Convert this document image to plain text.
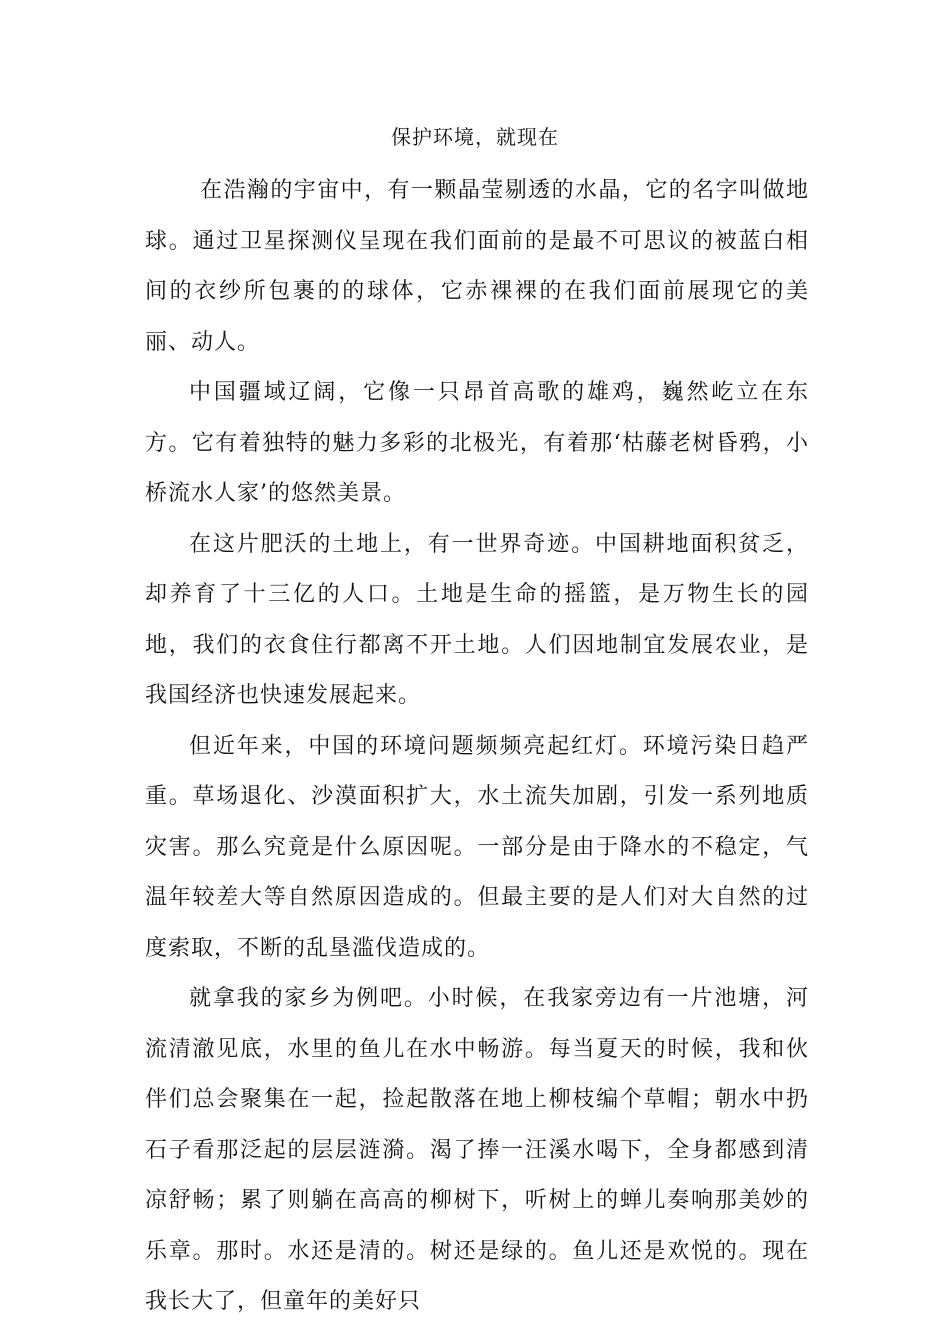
保护环境，就现在

在浩瀚的宇宙中，有一颗晶莹剔透的水晶，它的名字叫做地球。通过卫星探测仪呈现在我们面前的是最不可思议的被蓝白相间的衣纱所包裹的的球体，它赤裸裸的在我们面前展现它的美丽、动人。

中国疆域辽阔，它像一只昂首高歌的雄鸡，巍然屹立在东方。它有着独特的魅力多彩的北极光，有着那‘枯藤老树昏鸦，小桥流水人家’的悠然美景。

在这片肥沃的土地上，有一世界奇迹。中国耕地面积贫乏，却养育了十三亿的人口。土地是生命的摇篮，是万物生长的园地，我们的衣食住行都离不开土地。人们因地制宜发展农业，是我国经济也快速发展起来。

但近年来，中国的环境问题频频亮起红灯。环境污染日趋严重。草场退化、沙漠面积扩大，水土流失加剧，引发一系列地质灾害。那么究竟是什么原因呢。一部分是由于降水的不稳定，气温年较差大等自然原因造成的。但最主要的是人们对大自然的过度索取，不断的乱垦滥伐造成的。

就拿我的家乡为例吧。小时候，在我家旁边有一片池塘，河流清澈见底，水里的鱼儿在水中畅游。每当夏天的时候，我和伙伴们总会聚集在一起，捡起散落在地上柳枝编个草帽；朝水中扔石子看那泛起的层层涟漪。渴了捧一汪溪水喝下，全身都感到清凉舒畅；累了则躺在高高的柳树下，听树上的蝉儿奏响那美妙的乐章。那时。水还是清的。树还是绿的。鱼儿还是欢悦的。现在我长大了，但童年的美好只
